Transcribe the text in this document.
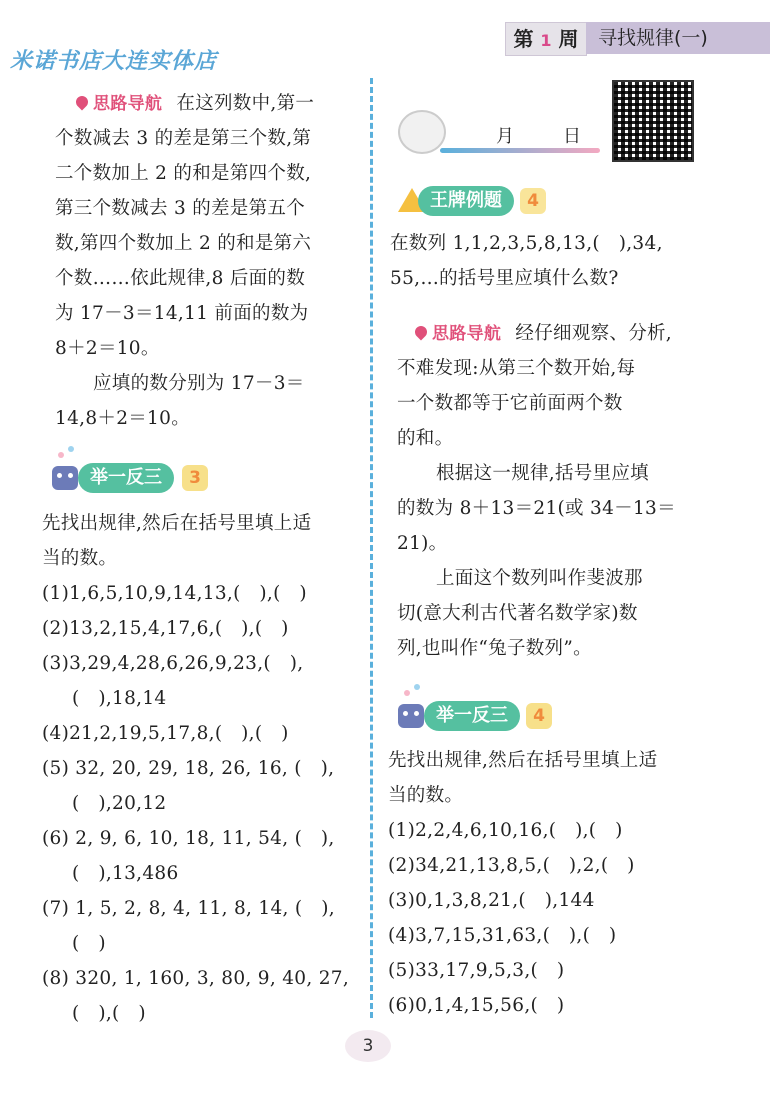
米诺书店大连实体店
第 1 周	寻找规律(一)
思路导航 在这列数中,第一
个数减去 3 的差是第三个数,第
二个数加上 2 的和是第四个数,
第三个数减去 3 的差是第五个
数,第四个数加上 2 的和是第六
个数……依此规律,8 后面的数
为 17－3＝14,11 前面的数为
8＋2＝10。
应填的数分别为 17－3＝
14,8＋2＝10。
举一反三	3
先找出规律,然后在括号里填上适
当的数。
(1)1,6,5,10,9,14,13,(　),(　)
(2)13,2,15,4,17,6,(　),(　)
(3)3,29,4,28,6,26,9,23,(　),
(　),18,14
(4)21,2,19,5,17,8,(　),(　)
(5) 32, 20, 29, 18, 26, 16, (　),
(　),20,12
(6) 2, 9, 6, 10, 18, 11, 54, (　),
(　),13,486
(7) 1, 5, 2, 8, 4, 11, 8, 14, (　),
(　)
(8) 320, 1, 160, 3, 80, 9, 40, 27,
(　),(　)
月	日
王牌例题	4
在数列 1,1,2,3,5,8,13,(　),34,
55,…的括号里应填什么数?
思路导航 经仔细观察、分析,
不难发现:从第三个数开始,每
一个数都等于它前面两个数
的和。
根据这一规律,括号里应填
的数为 8＋13＝21(或 34－13＝
21)。
上面这个数列叫作斐波那
切(意大利古代著名数学家)数
列,也叫作“兔子数列”。
举一反三	4
先找出规律,然后在括号里填上适
当的数。
(1)2,2,4,6,10,16,(　),(　)
(2)34,21,13,8,5,(　),2,(　)
(3)0,1,3,8,21,(　),144
(4)3,7,15,31,63,(　),(　)
(5)33,17,9,5,3,(　)
(6)0,1,4,15,56,(　)
3
